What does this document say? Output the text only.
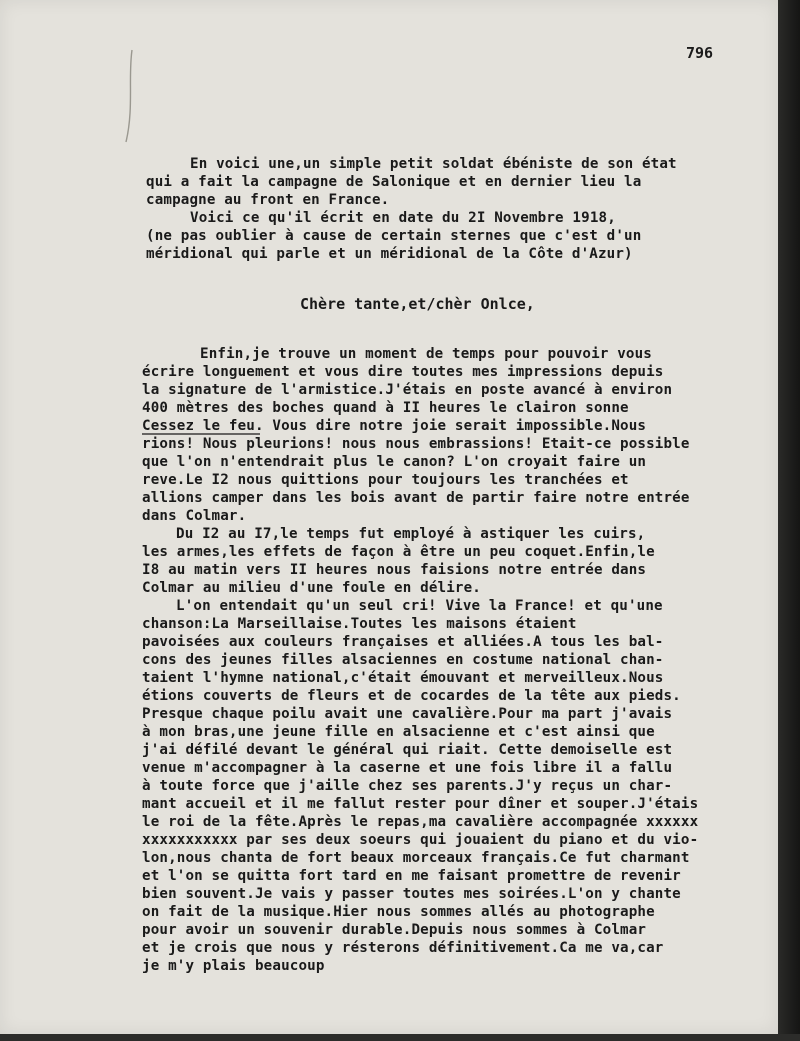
796
En voici une,un simple petit soldat ébéniste de son état
qui a fait la campagne de Salonique et en dernier lieu la
campagne au front en France.
Voici ce qu'il écrit en date du 2I Novembre 1918,
(ne pas oublier à cause de certain sternes que c'est d'un
méridional qui parle et un méridional de la Côte d'Azur)
Chère tante,et/chèr Onlce,
Enfin,je trouve un moment de temps pour pouvoir vous
écrire longuement et vous dire toutes mes impressions depuis
la signature de l'armistice.J'étais en poste avancé à environ
400 mètres des boches quand à II heures le clairon sonne
Cessez le feu. Vous dire notre joie serait impossible.Nous
rions! Nous pleurions! nous nous embrassions! Etait-ce possible
que l'on n'entendrait plus le canon? L'on croyait faire un
reve.Le I2 nous quittions pour toujours les tranchées et
allions camper dans les bois avant de partir faire notre entrée
dans Colmar.
Du I2 au I7,le temps fut employé à astiquer les cuirs,
les armes,les effets de façon à être un peu coquet.Enfin,le
I8 au matin vers II heures nous faisions notre entrée dans
Colmar au milieu d'une foule en délire.
L'on entendait qu'un seul cri! Vive la France! et qu'une
chanson:La Marseillaise.Toutes les maisons étaient
pavoisées aux couleurs françaises et alliées.A tous les bal-
cons des jeunes filles alsaciennes en costume national chan-
taient l'hymne national,c'était émouvant et merveilleux.Nous
étions couverts de fleurs et de cocardes de la tête aux pieds.
Presque chaque poilu avait une cavalière.Pour ma part j'avais
à mon bras,une jeune fille en alsacienne et c'est ainsi que
j'ai défilé devant le général qui riait. Cette demoiselle est
venue m'accompagner à la caserne et une fois libre il a fallu
à toute force que j'aille chez ses parents.J'y reçus un char-
mant accueil et il me fallut rester pour dîner et souper.J'étais
le roi de la fête.Après le repas,ma cavalière accompagnée xxxxxx
xxxxxxxxxxx par ses deux soeurs qui jouaient du piano et du vio-
lon,nous chanta de fort beaux morceaux français.Ce fut charmant
et l'on se quitta fort tard en me faisant promettre de revenir
bien souvent.Je vais y passer toutes mes soirées.L'on y chante
on fait de la musique.Hier nous sommes allés au photographe
pour avoir un souvenir durable.Depuis nous sommes à Colmar
et je crois que nous y résterons définitivement.Ca me va,car
je m'y plais beaucoup
